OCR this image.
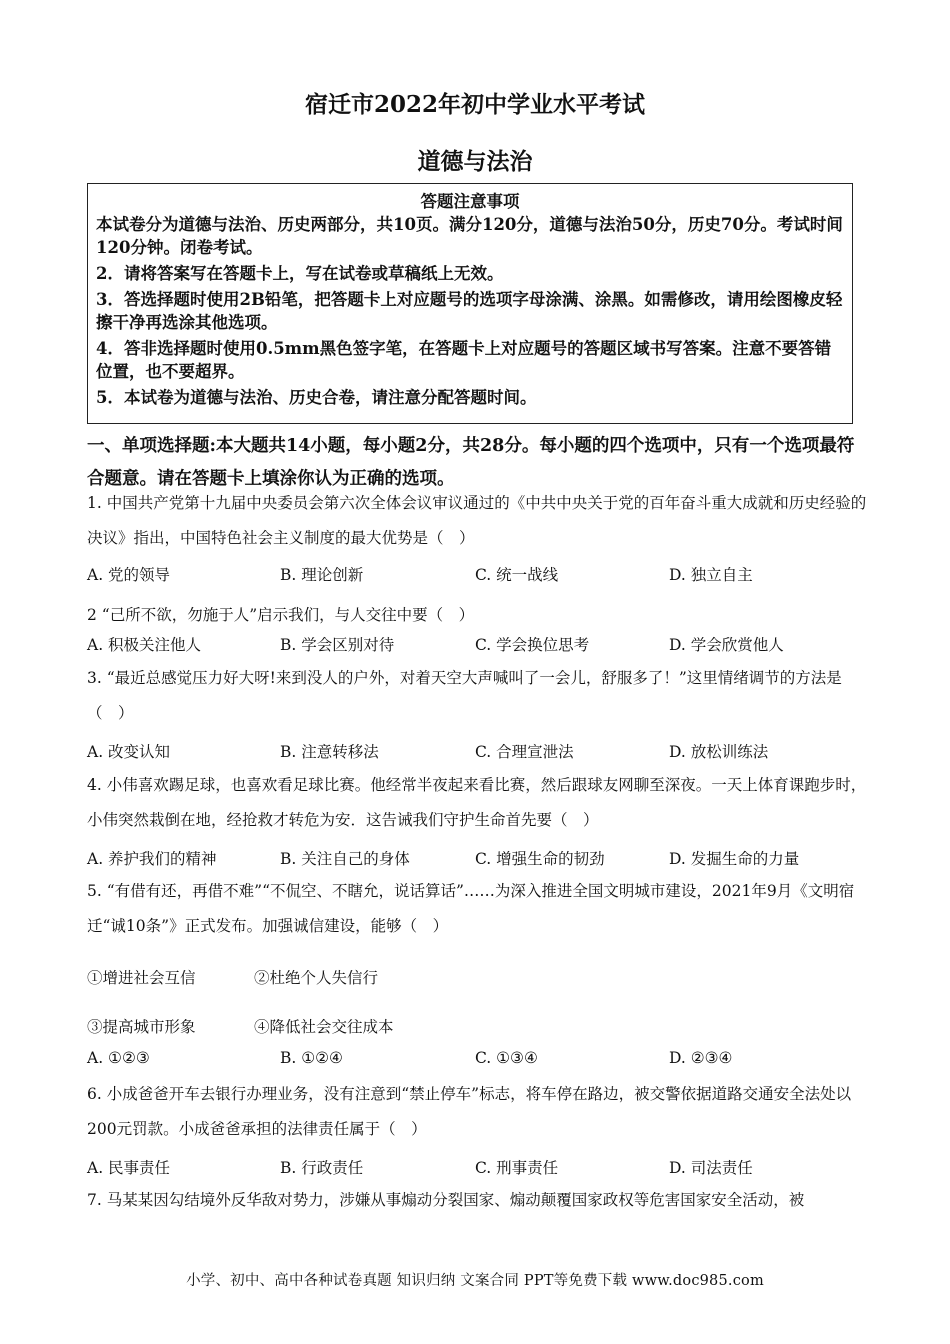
宿迁市2022年初中学业水平考试
道德与法治
答题注意事项

本试卷分为道德与法治、历史两部分，共10页。满分120分，道德与法治50分，历史70分。考试时间120分钟。闭卷考试。

2．请将答案写在答题卡上，写在试卷或草稿纸上无效。

3．答选择题时使用2B铅笔，把答题卡上对应题号的选项字母涂满、涂黑。如需修改，请用绘图橡皮轻擦干净再选涂其他选项。

4．答非选择题时使用0.5mm黑色签字笔，在答题卡上对应题号的答题区域书写答案。注意不要答错位置，也不要超界。

5．本试卷为道德与法治、历史合卷，请注意分配答题时间。

一、单项选择题:本大题共14小题，每小题2分，共28分。每小题的四个选项中，只有一个选项最符合题意。请在答题卡上填涂你认为正确的选项。
1. 中国共产党第十九届中央委员会第六次全体会议审议通过的《中共中央关于党的百年奋斗重大成就和历史经验的决议》指出，中国特色社会主义制度的最大优势是（　）
A. 党的领导	B. 理论创新	C. 统一战线	D. 独立自主
2 “己所不欲，勿施于人”启示我们，与人交往中要（　）
A. 积极关注他人	B. 学会区别对待	C. 学会换位思考	D. 学会欣赏他人
3. “最近总感觉压力好大呀!来到没人的户外，对着天空大声喊叫了一会儿，舒服多了！”这里情绪调节的方法是（　）
A. 改变认知	B. 注意转移法	C. 合理宣泄法	D. 放松训练法
4. 小伟喜欢踢足球，也喜欢看足球比赛。他经常半夜起来看比赛，然后跟球友网聊至深夜。一天上体育课跑步时，小伟突然栽倒在地，经抢救才转危为安．这告诫我们守护生命首先要（　）
A. 养护我们的精神	B. 关注自己的身体	C. 增强生命的韧劲	D. 发掘生命的力量
5. “有借有还，再借不难”“不侃空、不瞎允，说话算话”……为深入推进全国文明城市建设，2021年9月《文明宿迁“诚10条”》正式发布。加强诚信建设，能够（　）
①增进社会互信	②杜绝个人失信行
③提高城市形象	④降低社会交往成本
A. ①②③	B. ①②④	C. ①③④	D. ②③④
6. 小成爸爸开车去银行办理业务，没有注意到“禁止停车”标志，将车停在路边，被交警依据道路交通安全法处以200元罚款。小成爸爸承担的法律责任属于（　）
A. 民事责任	B. 行政责任	C. 刑事责任	D. 司法责任
7. 马某某因勾结境外反华敌对势力，涉嫌从事煽动分裂国家、煽动颠覆国家政权等危害国家安全活动，被
小学、初中、高中各种试卷真题 知识归纳 文案合同 PPT等免费下载 www.doc985.com
